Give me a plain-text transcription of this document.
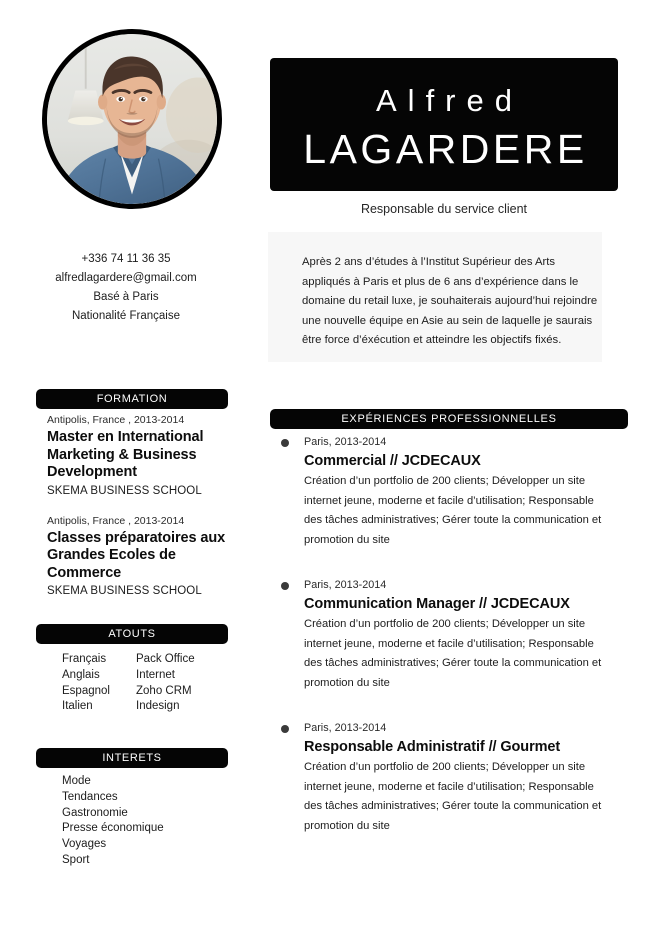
+336 74 11 36 35
alfredlagardere@gmail.com
Basé à Paris
Nationalité Française
FORMATION
Antipolis, France , 2013-2014
Master en International Marketing & Business Development
SKEMA BUSINESS SCHOOL
Antipolis, France , 2013-2014
Classes préparatoires aux Grandes Ecoles de Commerce
SKEMA BUSINESS SCHOOL
ATOUTS
Français
Anglais
Espagnol
Italien
Pack Office
Internet
Zoho CRM
Indesign
INTERETS
Mode
Tendances
Gastronomie
Presse économique
Voyages
Sport
Alfred
LAGARDERE
Responsable du service client
Après 2 ans d’études à l’Institut Supérieur des Arts appliqués à Paris et plus de 6 ans d’expérience dans le domaine du retail luxe, je souhaiterais aujourd’hui rejoindre une nouvelle équipe en Asie au sein de laquelle je saurais être force d’éxécution et atteindre les objectifs fixés.
EXPÉRIENCES PROFESSIONNELLES
Paris, 2013-2014
Commercial // JCDECAUX
Création d’un portfolio de 200 clients; Développer un site internet jeune, moderne et facile d’utilisation; Responsable des tâches administratives; Gérer toute la communication et promotion du site
Paris, 2013-2014
Communication Manager // JCDECAUX
Création d’un portfolio de 200 clients; Développer un site internet jeune, moderne et facile d’utilisation; Responsable des tâches administratives; Gérer toute la communication et promotion du site
Paris, 2013-2014
Responsable Administratif // Gourmet
Création d’un portfolio de 200 clients; Développer un site internet jeune, moderne et facile d’utilisation; Responsable des tâches administratives; Gérer toute la communication et promotion du site
